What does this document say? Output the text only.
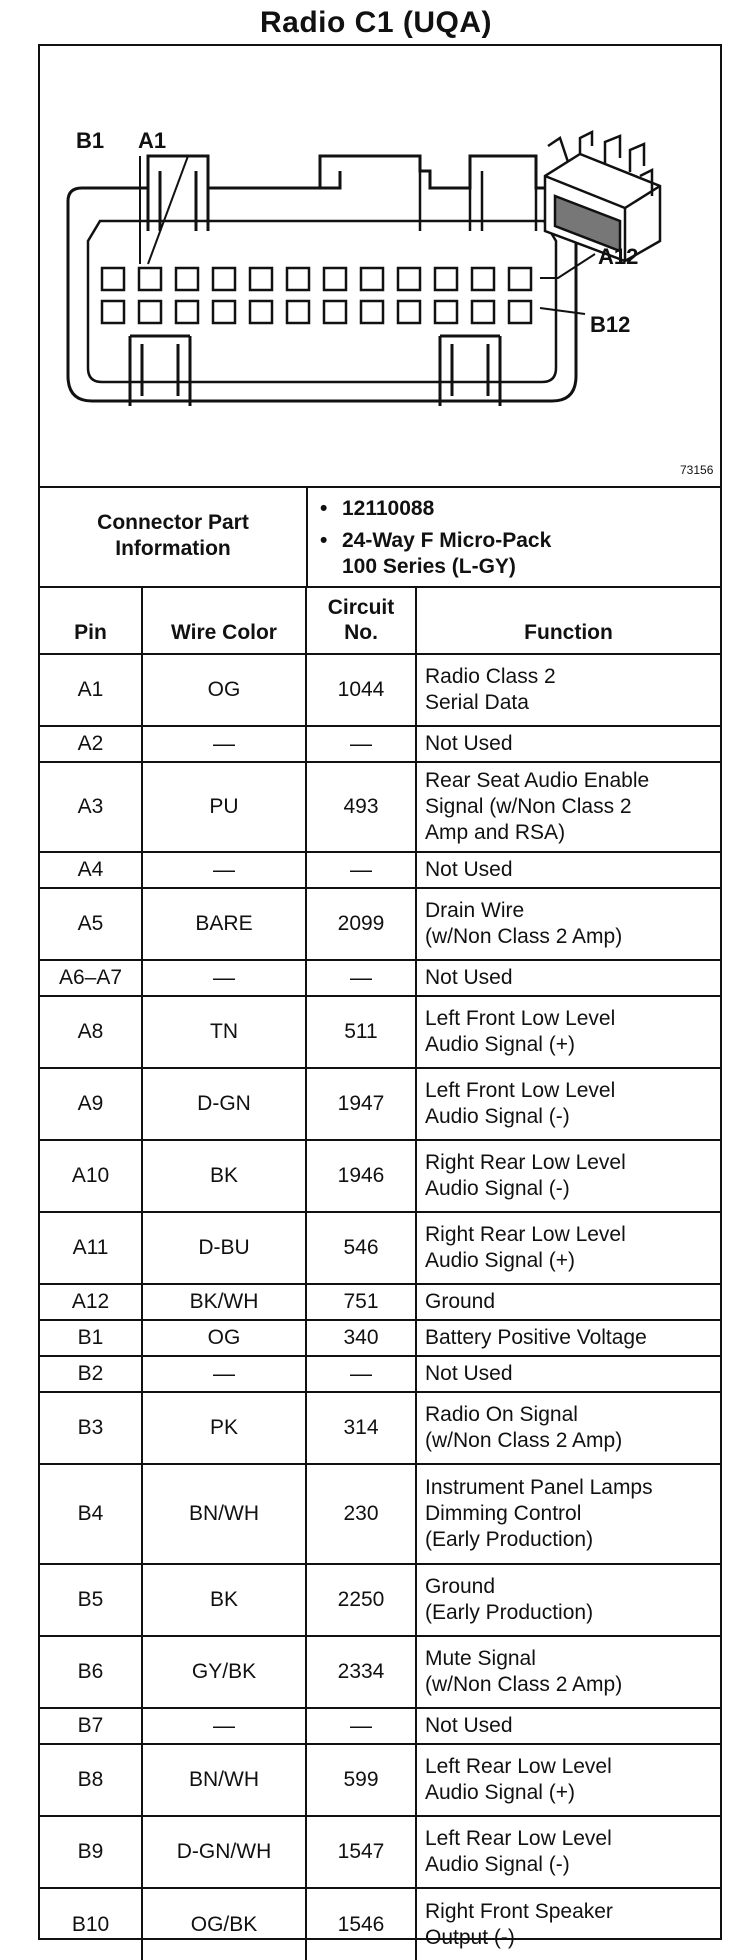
Radio C1 (UQA)
B1 A1
A12
B12
73156
Connector Part
Information
• 12110088
• 24-Way F Micro-Pack
100 Series (L-GY)
Pin	Wire Color	Circuit
No.	Function
A1	OG	1044	Radio Class 2
Serial Data
A2	—	—	Not Used
A3	PU	493	Rear Seat Audio Enable
Signal (w/Non Class 2
Amp and RSA)
A4	—	—	Not Used
A5	BARE	2099	Drain Wire
(w/Non Class 2 Amp)
A6–A7	—	—	Not Used
A8	TN	511	Left Front Low Level
Audio Signal (+)
A9	D-GN	1947	Left Front Low Level
Audio Signal (-)
A10	BK	1946	Right Rear Low Level
Audio Signal (-)
A11	D-BU	546	Right Rear Low Level
Audio Signal (+)
A12	BK/WH	751	Ground
B1	OG	340	Battery Positive Voltage
B2	—	—	Not Used
B3	PK	314	Radio On Signal
(w/Non Class 2 Amp)
B4	BN/WH	230	Instrument Panel Lamps
Dimming Control
(Early Production)
B5	BK	2250	Ground
(Early Production)
B6	GY/BK	2334	Mute Signal
(w/Non Class 2 Amp)
B7	—	—	Not Used
B8	BN/WH	599	Left Rear Low Level
Audio Signal (+)
B9	D-GN/WH	1547	Left Rear Low Level
Audio Signal (-)
B10	OG/BK	1546	Right Front Speaker
Output (-)
